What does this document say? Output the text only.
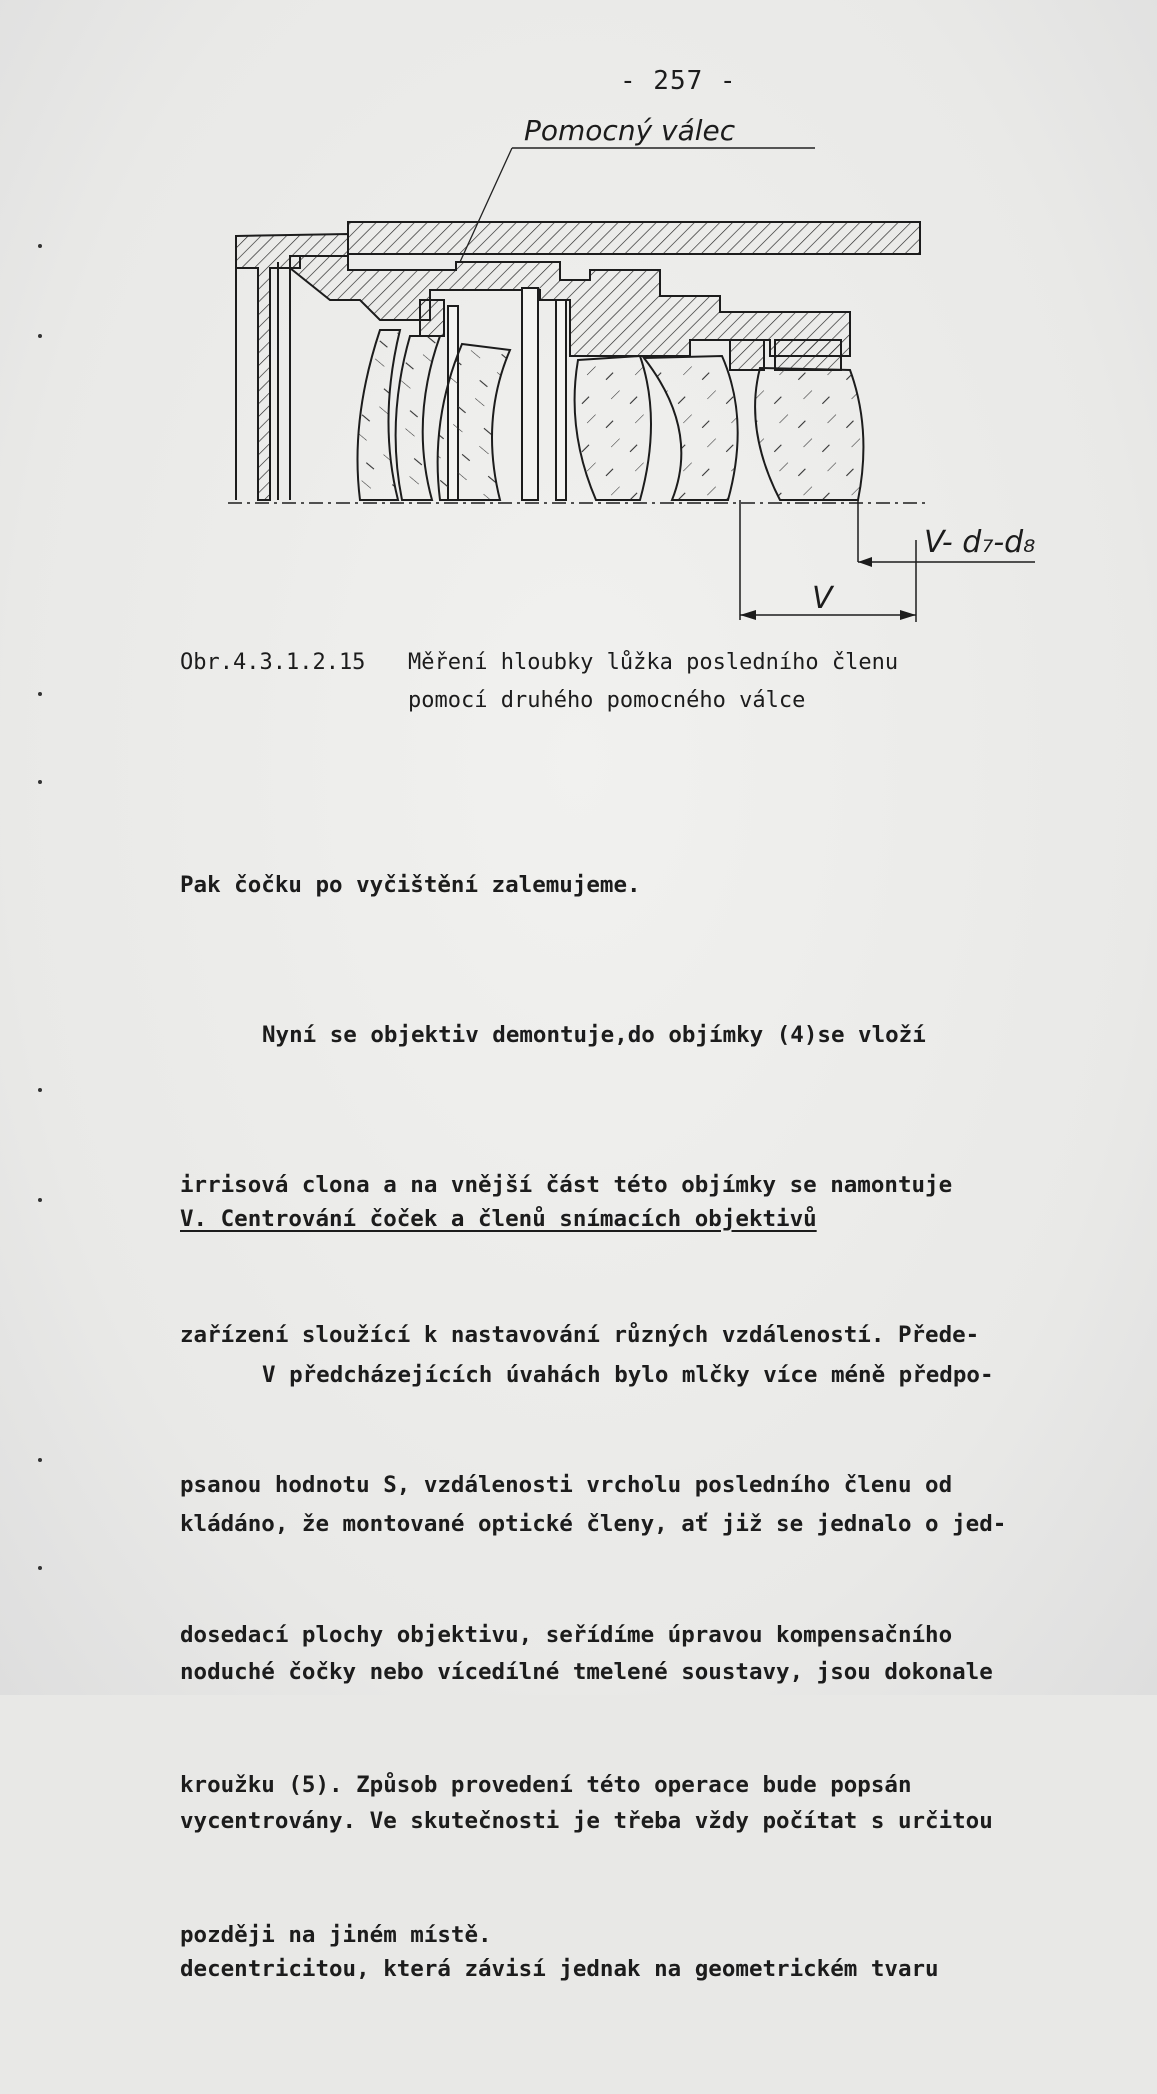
- 257 -
Pomocný válec
V- d₇-d₈
V
Obr.4.3.1.2.15 Měření hloubky lůžka posledního členu
pomocí druhého pomocného válce

Pak čočku po vyčištění zalemujeme.

Nyní se objektiv demontuje,do objímky (4)se vloží

irrisová clona a na vnější část této objímky se namontuje

zařízení sloužící k nastavování různých vzdáleností. Přede-

psanou hodnotu S, vzdálenosti vrcholu posledního členu od

dosedací plochy objektivu, seřídíme úpravou kompensačního

kroužku (5). Způsob provedení této operace bude popsán

později na jiném místě.

V. Centrování čoček a členů snímacích objektivů

V předcházejících úvahách bylo mlčky více méně předpo-

kládáno, že montované optické členy, ať již se jednalo o jed-

noduché čočky nebo vícedílné tmelené soustavy, jsou dokonale

vycentrovány. Ve skutečnosti je třeba vždy počítat s určitou

decentricitou, která závisí jednak na geometrickém tvaru
